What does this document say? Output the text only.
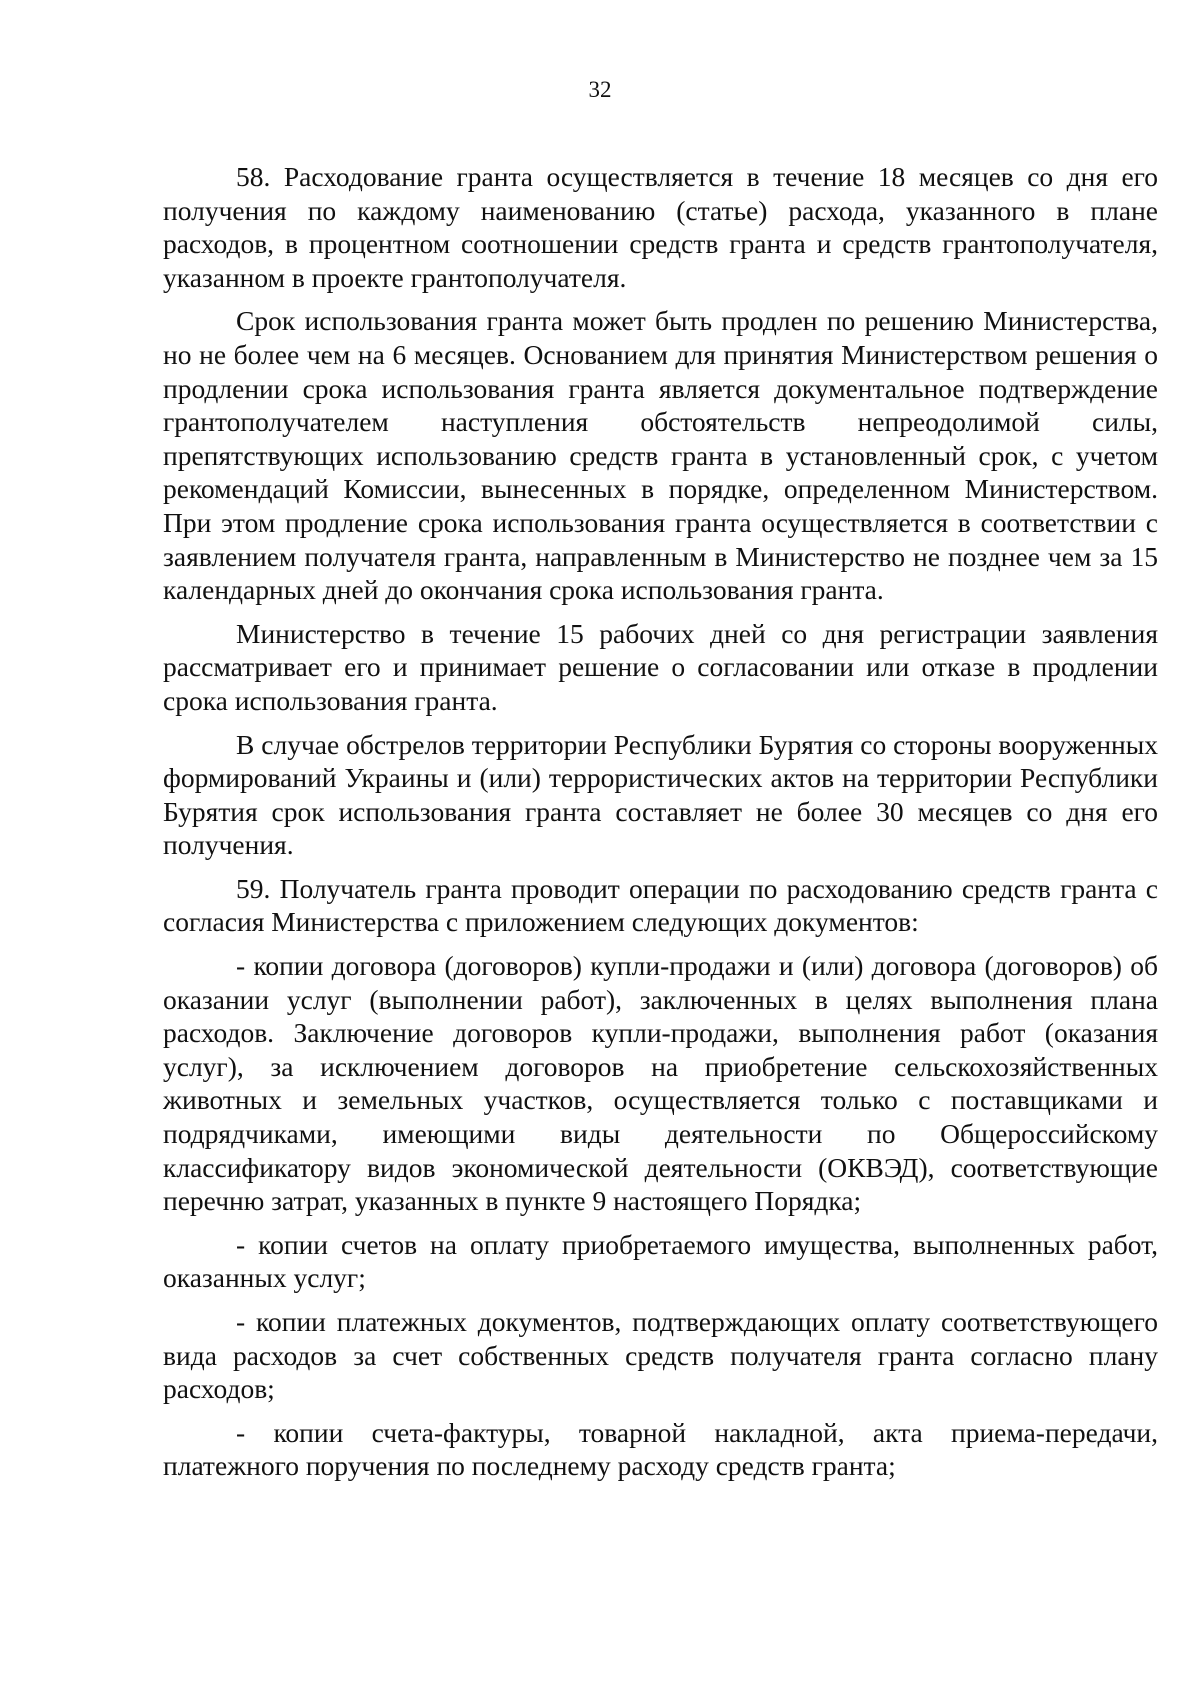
32

58. Расходование гранта осуществляется в течение 18 месяцев со дня его получения по каждому наименованию (статье) расхода, указанного в плане расходов, в процентном соотношении средств гранта и средств грантополучателя, указанном в проекте грантополучателя.

Срок использования гранта может быть продлен по решению Министерства, но не более чем на 6 месяцев. Основанием для принятия Министерством решения о продлении срока использования гранта является документальное подтверждение грантополучателем наступления обстоятельств непреодолимой силы, препятствующих использованию средств гранта в установленный срок, с учетом рекомендаций Комиссии, вынесенных в порядке, определенном Министерством. При этом продление срока использования гранта осуществляется в соответствии с заявлением получателя гранта, направленным в Министерство не позднее чем за 15 календарных дней до окончания срока использования гранта.

Министерство в течение 15 рабочих дней со дня регистрации заявления рассматривает его и принимает решение о согласовании или отказе в продлении срока использования гранта.

В случае обстрелов территории Республики Бурятия со стороны вооруженных формирований Украины и (или) террористических актов на территории Республики Бурятия срок использования гранта составляет не более 30 месяцев со дня его получения.

59. Получатель гранта проводит операции по расходованию средств гранта с согласия Министерства с приложением следующих документов:

- копии договора (договоров) купли-продажи и (или) договора (договоров) об оказании услуг (выполнении работ), заключенных в целях выполнения плана расходов. Заключение договоров купли-продажи, выполнения работ (оказания услуг), за исключением договоров на приобретение сельскохозяйственных животных и земельных участков, осуществляется только с поставщиками и подрядчиками, имеющими виды деятельности по Общероссийскому классификатору видов экономической деятельности (ОКВЭД), соответствующие перечню затрат, указанных в пункте 9 настоящего Порядка;

- копии счетов на оплату приобретаемого имущества, выполненных работ, оказанных услуг;

- копии платежных документов, подтверждающих оплату соответствующего вида расходов за счет собственных средств получателя гранта согласно плану расходов;

- копии счета-фактуры, товарной накладной, акта приема-передачи, платежного поручения по последнему расходу средств гранта;
